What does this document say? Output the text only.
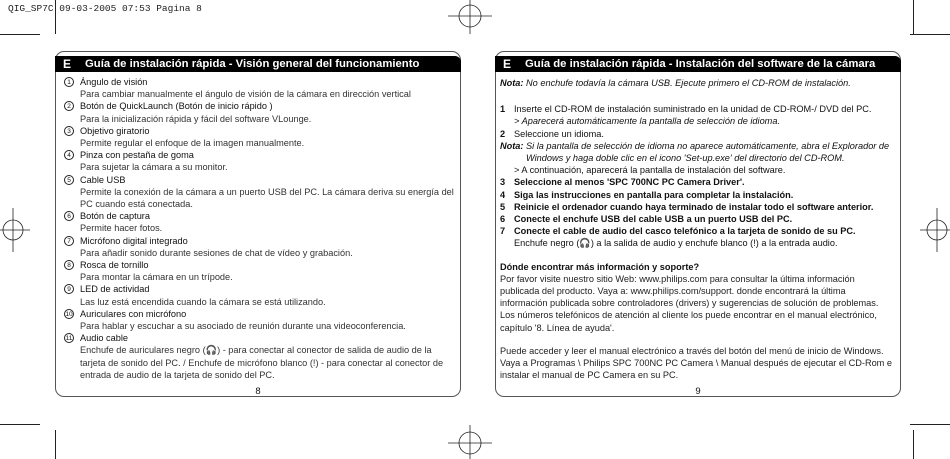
QIG_SP7C 09-03-2005 07:53 Pagina 8
E	Guía de instalación rápida - Visión general del funcionamiento
1 Ángulo de visión
Para cambiar manualmente el ángulo de visión de la cámara en dirección vertical
2 Botón de QuickLaunch (Botón de inicio rápido )
Para la inicialización rápida y fácil del software VLounge.
3 Objetivo giratorio
Permite regular el enfoque de la imagen manualmente.
4 Pinza con pestaña de goma
Para sujetar la cámara a su monitor.
5 Cable USB
Permite la conexión de la cámara a un puerto USB del PC. La cámara deriva su energía del PC cuando está conectada.
6 Botón de captura
Permite hacer fotos.
7 Micrófono digital integrado
Para añadir sonido durante sesiones de chat de vídeo y grabación.
8 Rosca de tornillo
Para montar la cámara en un trípode.
9 LED de actividad
Las luz está encendida cuando la cámara se está utilizando.
10 Auriculares con micrófono
Para hablar y escuchar a su asociado de reunión durante una videoconferencia.
11 Audio cable
Enchufe de auriculares negro (🎧) - para conectar al conector de salida de audio de la tarjeta de sonido del PC. / Enchufe de micrófono blanco (!) - para conectar al conector de entrada de audio de la tarjeta de sonido del PC.
8
E	Guía de instalación rápida - Instalación del software de la cámara
Nota: No enchufe todavía la cámara USB. Ejecute primero el CD-ROM de instalación.
1 Inserte el CD-ROM de instalación suministrado en la unidad de CD-ROM-/ DVD del PC.
> Aparecerá automáticamente la pantalla de selección de idioma.
2 Seleccione un idioma.
Nota: Si la pantalla de selección de idioma no aparece automáticamente, abra el Explorador de Windows y haga doble clic en el icono 'Set-up.exe' del directorio del CD-ROM.
> A continuación, aparecerá la pantalla de instalación del software.
3 Seleccione al menos 'SPC 700NC PC Camera Driver'.
4 Siga las instrucciones en pantalla para completar la instalación.
5 Reinicie el ordenador cuando haya terminado de instalar todo el software anterior.
6 Conecte el enchufe USB del cable USB a un puerto USB del PC.
7 Conecte el cable de audio del casco telefónico a la tarjeta de sonido de su PC.
Enchufe negro (🎧) a la salida de audio y enchufe blanco (!) a la entrada audio.
Dónde encontrar más información y soporte?
Por favor visite nuestro sitio Web: www.philips.com para consultar la última información publicada del producto. Vaya a: www.philips.com/support. donde encontrará la última información publicada sobre controladores (drivers) y sugerencias de solución de problemas. Los números telefónicos de atención al cliente los puede encontrar en el manual electrónico, capítulo '8. Línea de ayuda'.
Puede acceder y leer el manual electrónico a través del botón del menú de inicio de Windows. Vaya a Programas \ Philips SPC 700NC PC Camera \ Manual después de ejecutar el CD-Rom e instalar el manual de PC Camera en su PC.
9
